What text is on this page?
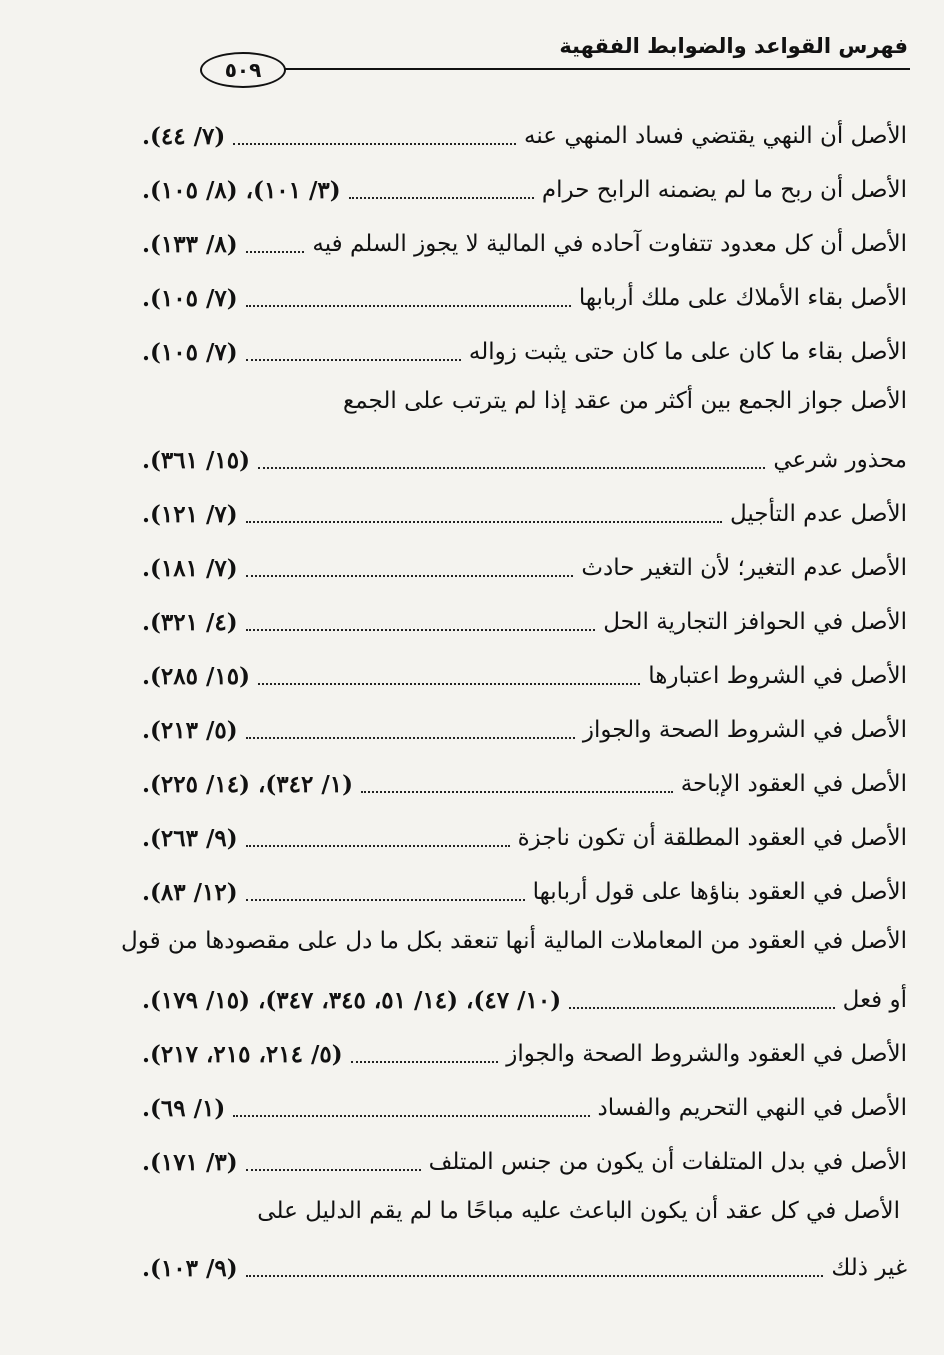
فهرس القواعد والضوابط الفقهية
٥٠٩
الأصل جواز الجمع بين أكثر من عقد إذا لم يترتب على الجمع
الأصل في العقود من المعاملات المالية أنها تنعقد بكل ما دل على مقصودها من قول
الأصل في كل عقد أن يكون الباعث عليه مباحًا ما لم يقم الدليل على
الأصل أن النهي يقتضي فساد المنهي عنه
(٧/ ٤٤).
الأصل أن ربح ما لم يضمنه الرابح حرام
(٣/ ١٠١)، (٨/ ١٠٥).
الأصل أن كل معدود تتفاوت آحاده في المالية لا يجوز السلم فيه
(٨/ ١٣٣).
الأصل بقاء الأملاك على ملك أربابها
(٧/ ١٠٥).
الأصل بقاء ما كان على ما كان حتى يثبت زواله
(٧/ ١٠٥).
محذور شرعي
(١٥/ ٣٦١).
الأصل عدم التأجيل
(٧/ ١٢١).
الأصل عدم التغير؛ لأن التغير حادث
(٧/ ١٨١).
الأصل في الحوافز التجارية الحل
(٤/ ٣٢١).
الأصل في الشروط اعتبارها
(١٥/ ٢٨٥).
الأصل في الشروط الصحة والجواز
(٥/ ٢١٣).
الأصل في العقود الإباحة
(١/ ٣٤٢)، (١٤/ ٢٢٥).
الأصل في العقود المطلقة أن تكون ناجزة
(٩/ ٢٦٣).
الأصل في العقود بناؤها على قول أربابها
(١٢/ ٨٣).
أو فعل
(١٠/ ٤٧)، (١٤/ ٥١، ٣٤٥، ٣٤٧)، (١٥/ ١٧٩).
الأصل في العقود والشروط الصحة والجواز
(٥/ ٢١٤، ٢١٥، ٢١٧).
الأصل في النهي التحريم والفساد
(١/ ٦٩).
الأصل في بدل المتلفات أن يكون من جنس المتلف
(٣/ ١٧١).
غير ذلك
(٩/ ١٠٣).
